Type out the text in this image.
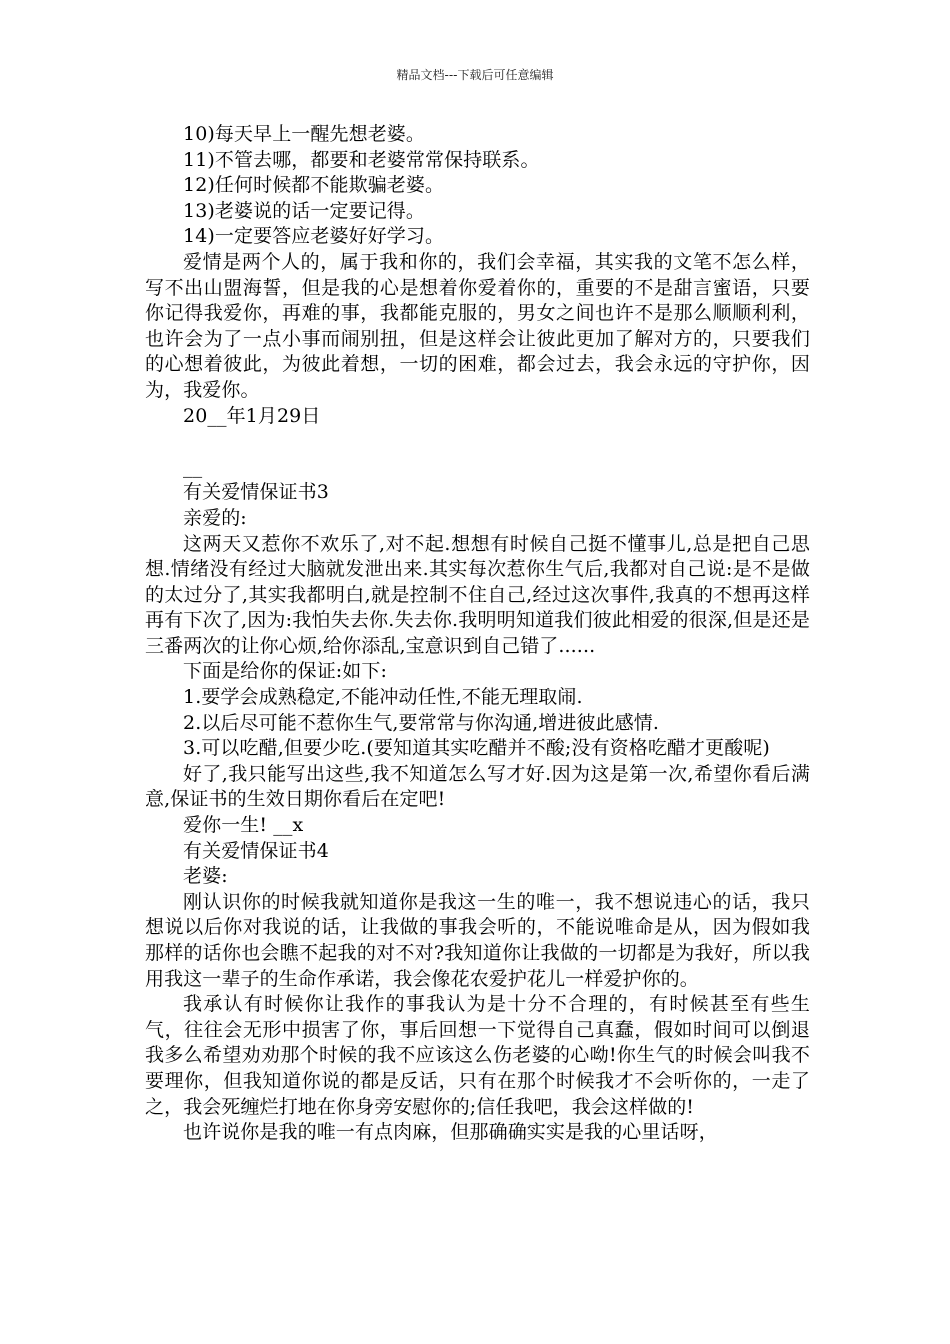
精品文档---下载后可任意编辑

10)每天早上一醒先想老婆。

11)不管去哪，都要和老婆常常保持联系。

12)任何时候都不能欺骗老婆。

13)老婆说的话一定要记得。

14)一定要答应老婆好好学习。

爱情是两个人的，属于我和你的，我们会幸福，其实我的文笔不怎么样，写不出山盟海誓，但是我的心是想着你爱着你的，重要的不是甜言蜜语，只要你记得我爱你，再难的事，我都能克服的，男女之间也许不是那么顺顺利利，也许会为了一点小事而闹别扭，但是这样会让彼此更加了解对方的，只要我们的心想着彼此，为彼此着想，一切的困难，都会过去，我会永远的守护你，因为，我爱你。

20__年1月29日

__

有关爱情保证书3

亲爱的:

这两天又惹你不欢乐了,对不起.想想有时候自己挺不懂事儿,总是把自己思想.情绪没有经过大脑就发泄出来.其实每次惹你生气后,我都对自己说:是不是做的太过分了,其实我都明白,就是控制不住自己,经过这次事件,我真的不想再这样再有下次了,因为:我怕失去你.失去你.我明明知道我们彼此相爱的很深,但是还是三番两次的让你心烦,给你添乱,宝意识到自己错了......

下面是给你的保证:如下:

1.要学会成熟稳定,不能冲动任性,不能无理取闹.

2.以后尽可能不惹你生气,要常常与你沟通,增进彼此感情.

3.可以吃醋,但要少吃.(要知道其实吃醋并不酸;没有资格吃醋才更酸呢)

好了,我只能写出这些,我不知道怎么写才好.因为这是第一次,希望你看后满意,保证书的生效日期你看后在定吧!

爱你一生! __x

有关爱情保证书4

老婆:

刚认识你的时候我就知道你是我这一生的唯一，我不想说违心的话，我只想说以后你对我说的话，让我做的事我会听的，不能说唯命是从，因为假如我那样的话你也会瞧不起我的对不对?我知道你让我做的一切都是为我好，所以我用我这一辈子的生命作承诺，我会像花农爱护花儿一样爱护你的。

我承认有时候你让我作的事我认为是十分不合理的，有时候甚至有些生气，往往会无形中损害了你，事后回想一下觉得自己真蠢，假如时间可以倒退我多么希望劝劝那个时候的我不应该这么伤老婆的心呦!你生气的时候会叫我不要理你，但我知道你说的都是反话，只有在那个时候我才不会听你的，一走了之，我会死缠烂打地在你身旁安慰你的;信任我吧，我会这样做的!

也许说你是我的唯一有点肉麻，但那确确实实是我的心里话呀，
